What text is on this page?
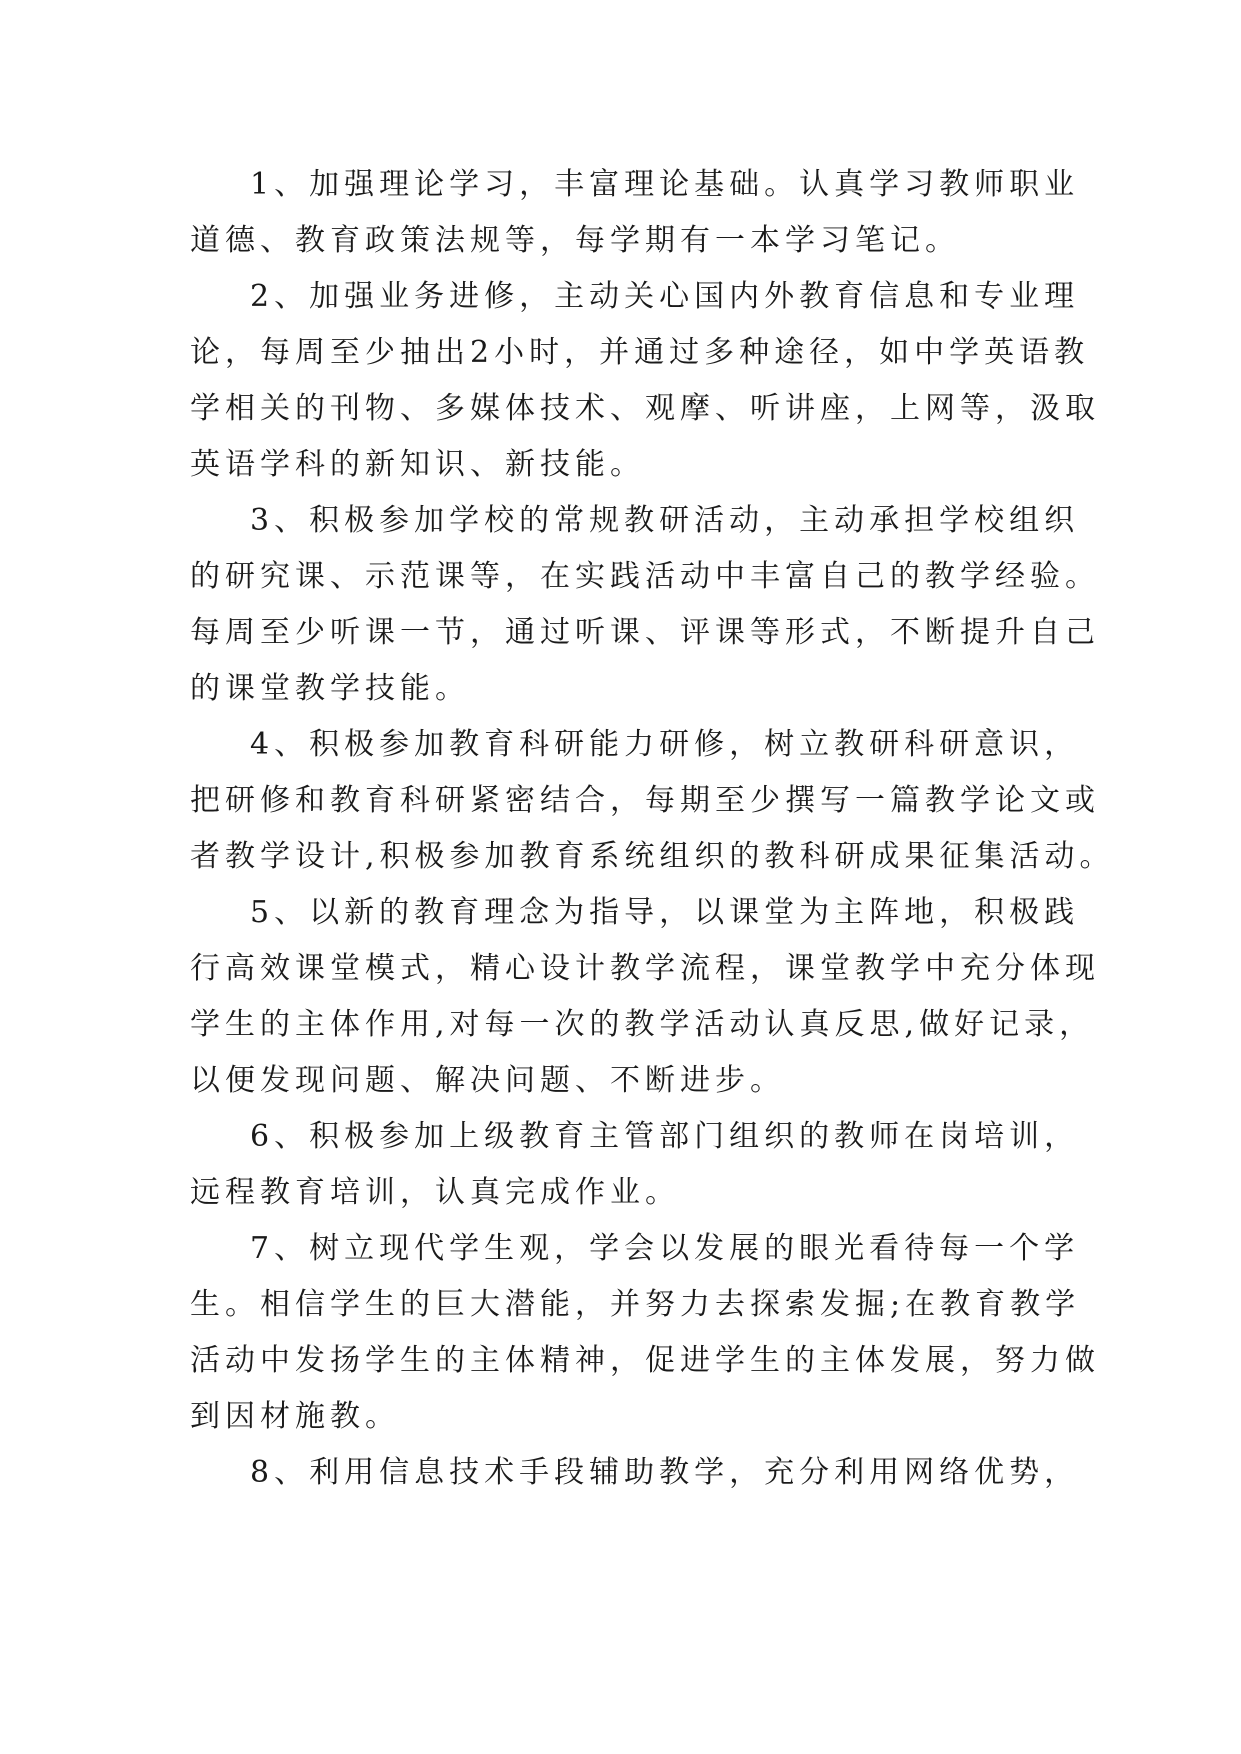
1、加强理论学习，丰富理论基础。认真学习教师职业
道德、教育政策法规等，每学期有一本学习笔记。
2、加强业务进修，主动关心国内外教育信息和专业理
论，每周至少抽出2小时，并通过多种途径，如中学英语教
学相关的刊物、多媒体技术、观摩、听讲座，上网等，汲取
英语学科的新知识、新技能。
3、积极参加学校的常规教研活动，主动承担学校组织
的研究课、示范课等，在实践活动中丰富自己的教学经验。
每周至少听课一节，通过听课、评课等形式，不断提升自己
的课堂教学技能。
4、积极参加教育科研能力研修，树立教研科研意识，
把研修和教育科研紧密结合，每期至少撰写一篇教学论文或
者教学设计,积极参加教育系统组织的教科研成果征集活动。
5、以新的教育理念为指导，以课堂为主阵地，积极践
行高效课堂模式，精心设计教学流程，课堂教学中充分体现
学生的主体作用,对每一次的教学活动认真反思,做好记录，
以便发现问题、解决问题、不断进步。
6、积极参加上级教育主管部门组织的教师在岗培训，
远程教育培训，认真完成作业。
7、树立现代学生观，学会以发展的眼光看待每一个学
生。相信学生的巨大潜能，并努力去探索发掘;在教育教学
活动中发扬学生的主体精神，促进学生的主体发展，努力做
到因材施教。
8、利用信息技术手段辅助教学，充分利用网络优势，
